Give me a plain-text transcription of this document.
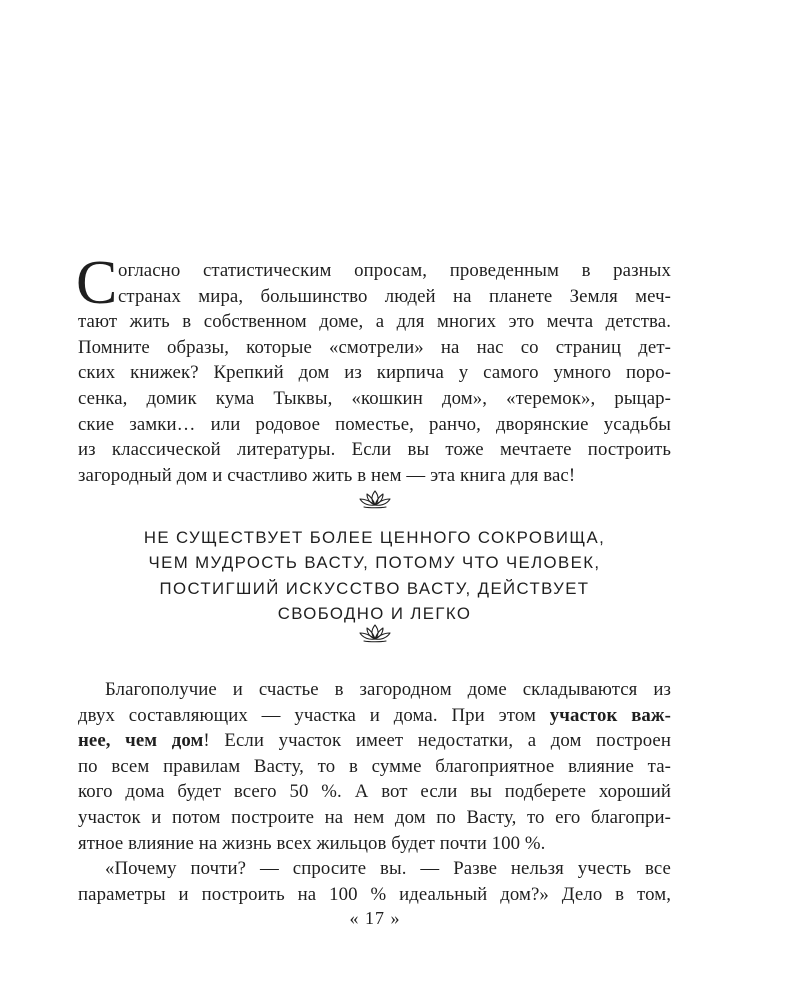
С огласно статистическим опросам, проведенным в разных
странах мира, большинство людей на планете Земля меч-
тают жить в собственном доме, а для многих это мечта детства.
Помните образы, которые «смотрели» на нас со страниц дет-
ских книжек? Крепкий дом из кирпича у самого умного поро-
сенка, домик кума Тыквы, «кошкин дом», «теремок», рыцар-
ские замки… или родовое поместье, ранчо, дворянские усадьбы
из классической литературы. Если вы тоже мечтаете построить
загородный дом и счастливо жить в нем — эта книга для вас!
НЕ СУЩЕСТВУЕТ БОЛЕЕ ЦЕННОГО СОКРОВИЩА,
ЧЕМ МУДРОСТЬ ВАСТУ, ПОТОМУ ЧТО ЧЕЛОВЕК,
ПОСТИГШИЙ ИСКУССТВО ВАСТУ, ДЕЙСТВУЕТ
СВОБОДНО И ЛЕГКО
Благополучие и счастье в загородном доме складываются из
двух составляющих — участка и дома. При этом участок важ-
нее, чем дом! Если участок имеет недостатки, а дом построен
по всем правилам Васту, то в сумме благоприятное влияние та-
кого дома будет всего 50 %. А вот если вы подберете хороший
участок и потом построите на нем дом по Васту, то его благопри-
ятное влияние на жизнь всех жильцов будет почти 100 %.
«Почему почти? — спросите вы. — Разве нельзя учесть все
параметры и построить на 100 % идеальный дом?» Дело в том,
« 17 »
